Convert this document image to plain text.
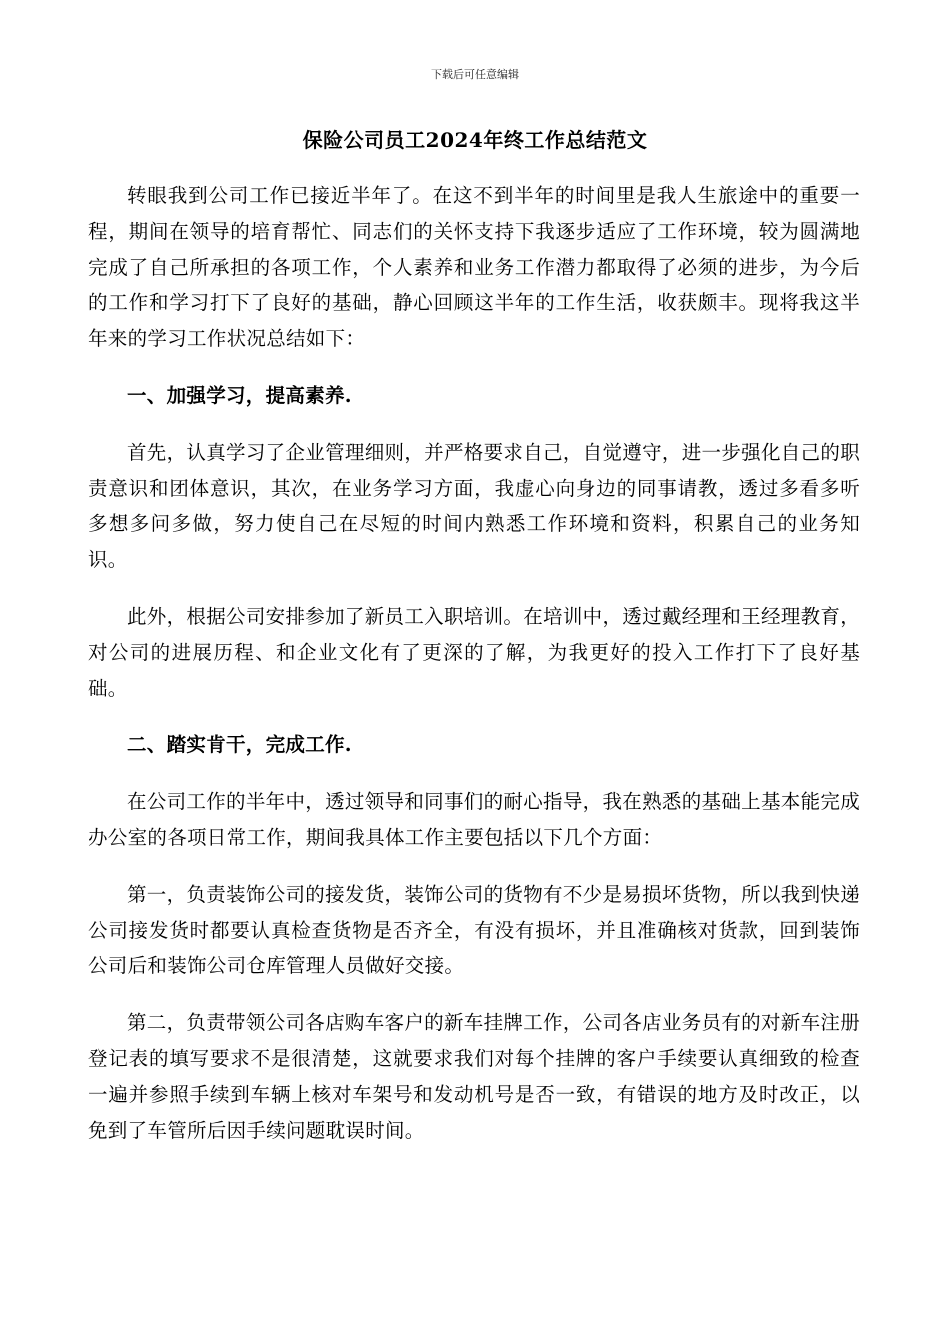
下载后可任意编辑
保险公司员工2024年终工作总结范文

转眼我到公司工作已接近半年了。在这不到半年的时间里是我人生旅途中的重要一程，期间在领导的培育帮忙、同志们的关怀支持下我逐步适应了工作环境，较为圆满地完成了自己所承担的各项工作，个人素养和业务工作潜力都取得了必须的进步，为今后的工作和学习打下了良好的基础，静心回顾这半年的工作生活，收获颇丰。现将我这半年来的学习工作状况总结如下：

一、加强学习，提高素养.

首先，认真学习了企业管理细则，并严格要求自己，自觉遵守，进一步强化自己的职责意识和团体意识，其次，在业务学习方面，我虚心向身边的同事请教，透过多看多听多想多问多做，努力使自己在尽短的时间内熟悉工作环境和资料，积累自己的业务知识。

此外，根据公司安排参加了新员工入职培训。在培训中，透过戴经理和王经理教育，对公司的进展历程、和企业文化有了更深的了解，为我更好的投入工作打下了良好基础。

二、踏实肯干，完成工作.

在公司工作的半年中，透过领导和同事们的耐心指导，我在熟悉的基础上基本能完成办公室的各项日常工作，期间我具体工作主要包括以下几个方面：

第一，负责装饰公司的接发货，装饰公司的货物有不少是易损坏货物，所以我到快递公司接发货时都要认真检查货物是否齐全，有没有损坏，并且准确核对货款，回到装饰公司后和装饰公司仓库管理人员做好交接。

第二，负责带领公司各店购车客户的新车挂牌工作，公司各店业务员有的对新车注册登记表的填写要求不是很清楚，这就要求我们对每个挂牌的客户手续要认真细致的检查一遍并参照手续到车辆上核对车架号和发动机号是否一致，有错误的地方及时改正，以免到了车管所后因手续问题耽误时间。
